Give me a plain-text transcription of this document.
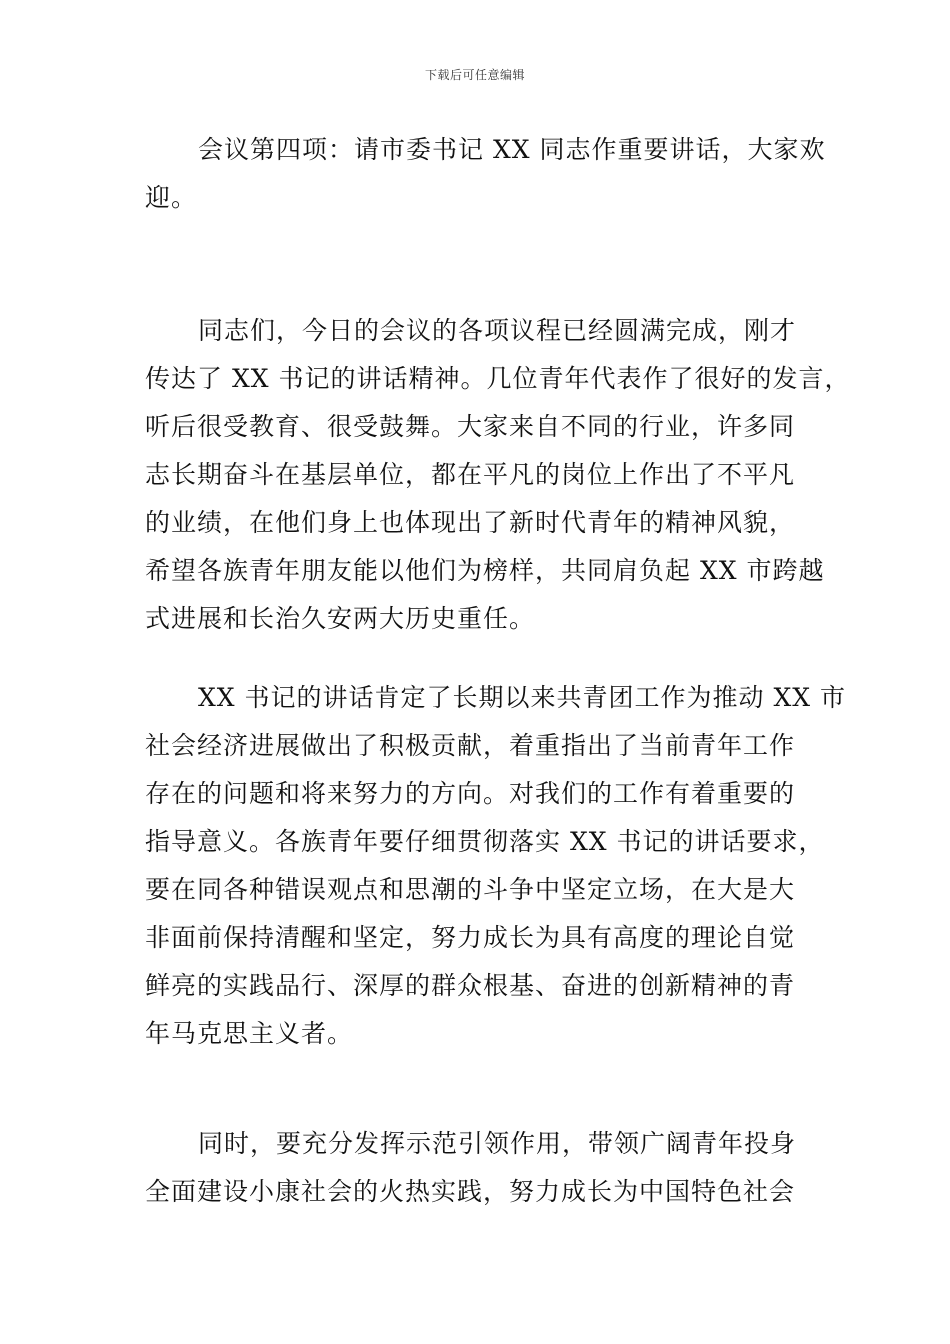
下载后可任意编辑
会议第四项：请市委书记 XX 同志作重要讲话，大家欢
迎。
同志们，今日的会议的各项议程已经圆满完成，刚才
传达了 XX 书记的讲话精神。几位青年代表作了很好的发言，
听后很受教育、很受鼓舞。大家来自不同的行业，许多同
志长期奋斗在基层单位，都在平凡的岗位上作出了不平凡
的业绩，在他们身上也体现出了新时代青年的精神风貌，
希望各族青年朋友能以他们为榜样，共同肩负起 XX 市跨越
式进展和长治久安两大历史重任。
XX 书记的讲话肯定了长期以来共青团工作为推动 XX 市
社会经济进展做出了积极贡献，着重指出了当前青年工作
存在的问题和将来努力的方向。对我们的工作有着重要的
指导意义。各族青年要仔细贯彻落实 XX 书记的讲话要求，
要在同各种错误观点和思潮的斗争中坚定立场，在大是大
非面前保持清醒和坚定，努力成长为具有高度的理论自觉
鲜亮的实践品行、深厚的群众根基、奋进的创新精神的青
年马克思主义者。
同时，要充分发挥示范引领作用，带领广阔青年投身
全面建设小康社会的火热实践，努力成长为中国特色社会
